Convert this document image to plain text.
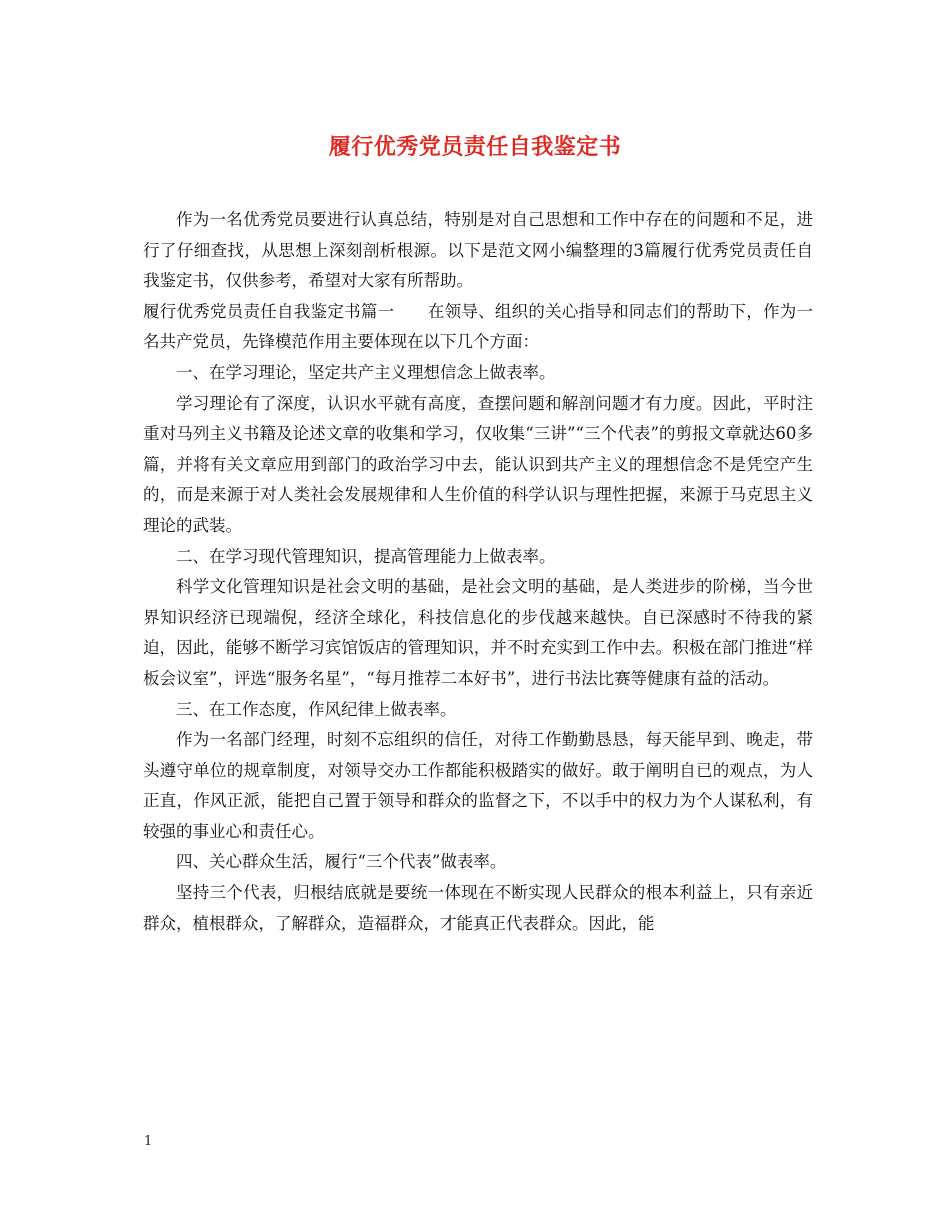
履行优秀党员责任自我鉴定书

作为一名优秀党员要进行认真总结，特别是对自己思想和工作中存在的问题和不足，进行了仔细查找，从思想上深刻剖析根源。以下是范文网小编整理的3篇履行优秀党员责任自我鉴定书，仅供参考，希望对大家有所帮助。

履行优秀党员责任自我鉴定书篇一　　在领导、组织的关心指导和同志们的帮助下，作为一名共产党员，先锋模范作用主要体现在以下几个方面：

一、在学习理论，坚定共产主义理想信念上做表率。

学习理论有了深度，认识水平就有高度，查摆问题和解剖问题才有力度。因此，平时注重对马列主义书籍及论述文章的收集和学习，仅收集“三讲”“三个代表”的剪报文章就达60多篇，并将有关文章应用到部门的政治学习中去，能认识到共产主义的理想信念不是凭空产生的，而是来源于对人类社会发展规律和人生价值的科学认识与理性把握，来源于马克思主义理论的武装。

二、在学习现代管理知识，提高管理能力上做表率。

科学文化管理知识是社会文明的基础，是社会文明的基础，是人类进步的阶梯，当今世界知识经济已现端倪，经济全球化，科技信息化的步伐越来越快。自已深感时不待我的紧迫，因此，能够不断学习宾馆饭店的管理知识，并不时充实到工作中去。积极在部门推进“样板会议室”，评选“服务名星”，“每月推荐二本好书”，进行书法比赛等健康有益的活动。

三、在工作态度，作风纪律上做表率。

作为一名部门经理，时刻不忘组织的信任，对待工作勤勤恳恳，每天能早到、晚走，带头遵守单位的规章制度，对领导交办工作都能积极踏实的做好。敢于阐明自已的观点，为人正直，作风正派，能把自己置于领导和群众的监督之下，不以手中的权力为个人谋私利，有较强的事业心和责任心。

四、关心群众生活，履行“三个代表”做表率。

坚持三个代表，归根结底就是要统一体现在不断实现人民群众的根本利益上，只有亲近群众，植根群众，了解群众，造福群众，才能真正代表群众。因此，能

1
